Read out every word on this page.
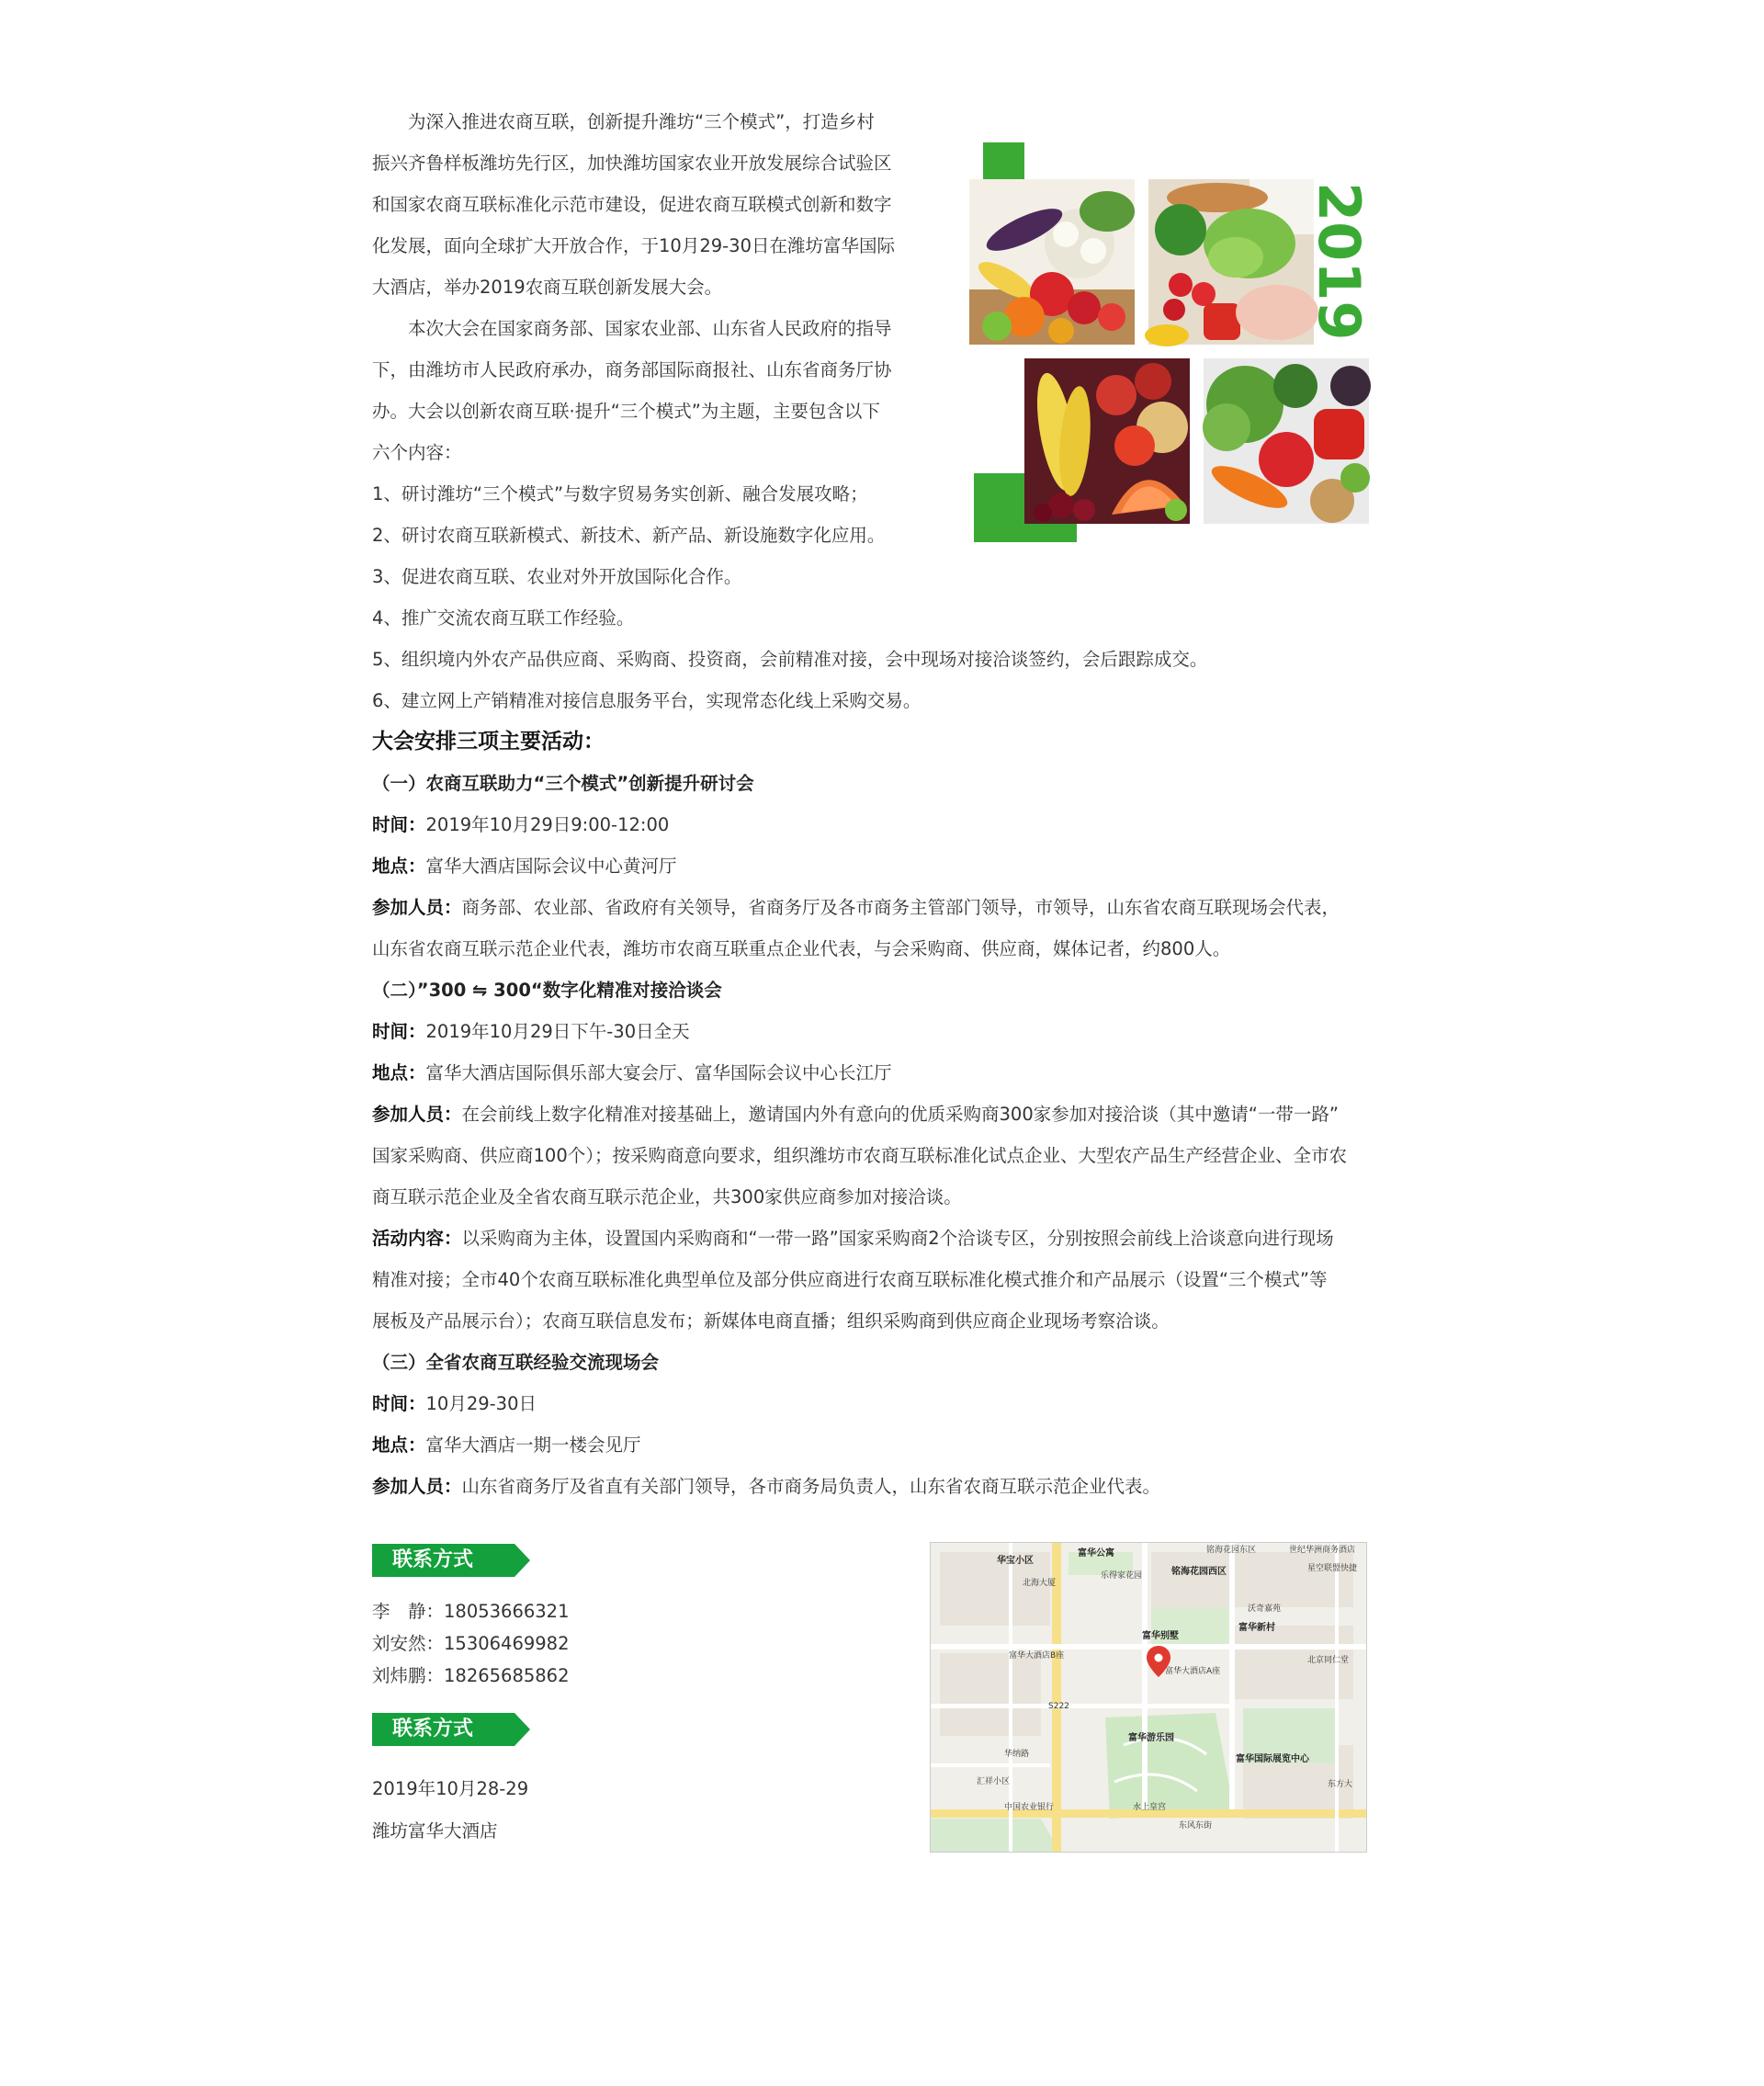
为深入推进农商互联，创新提升潍坊“三个模式”，打造乡村
振兴齐鲁样板潍坊先行区，加快潍坊国家农业开放发展综合试验区
和国家农商互联标准化示范市建设，促进农商互联模式创新和数字
化发展，面向全球扩大开放合作，于10月29-30日在潍坊富华国际
大酒店，举办2019农商互联创新发展大会。
本次大会在国家商务部、国家农业部、山东省人民政府的指导
下，由潍坊市人民政府承办，商务部国际商报社、山东省商务厅协
办。大会以创新农商互联·提升“三个模式”为主题，主要包含以下
六个内容：
1、研讨潍坊“三个模式”与数字贸易务实创新、融合发展攻略；
2、研讨农商互联新模式、新技术、新产品、新设施数字化应用。
3、促进农商互联、农业对外开放国际化合作。
4、推广交流农商互联工作经验。
5、组织境内外农产品供应商、采购商、投资商，会前精准对接，会中现场对接洽谈签约，会后跟踪成交。
6、建立网上产销精准对接信息服务平台，实现常态化线上采购交易。
大会安排三项主要活动：
（一）农商互联助力“三个模式”创新提升研讨会
时间：2019年10月29日9:00-12:00
地点：富华大酒店国际会议中心黄河厅
参加人员：商务部、农业部、省政府有关领导，省商务厅及各市商务主管部门领导，市领导，山东省农商互联现场会代表，
山东省农商互联示范企业代表，潍坊市农商互联重点企业代表，与会采购商、供应商，媒体记者，约800人。
（二）”300 ⇋ 300“数字化精准对接洽谈会
时间：2019年10月29日下午-30日全天
地点：富华大酒店国际俱乐部大宴会厅、富华国际会议中心长江厅
参加人员：在会前线上数字化精准对接基础上，邀请国内外有意向的优质采购商300家参加对接洽谈（其中邀请“一带一路”
国家采购商、供应商100个）；按采购商意向要求，组织潍坊市农商互联标准化试点企业、大型农产品生产经营企业、全市农
商互联示范企业及全省农商互联示范企业，共300家供应商参加对接洽谈。
活动内容：以采购商为主体，设置国内采购商和“一带一路”国家采购商2个洽谈专区，分别按照会前线上洽谈意向进行现场
精准对接；全市40个农商互联标准化典型单位及部分供应商进行农商互联标准化模式推介和产品展示（设置“三个模式”等
展板及产品展示台）；农商互联信息发布；新媒体电商直播；组织采购商到供应商企业现场考察洽谈。
（三）全省农商互联经验交流现场会
时间：10月29-30日
地点：富华大酒店一期一楼会见厅
参加人员：山东省商务厅及省直有关部门领导，各市商务局负责人，山东省农商互联示范企业代表。
2019
联系方式
李　静：18053666321
刘安然：15306469982
刘炜鹏：18265685862
联系方式
2019年10月28-29
潍坊富华大酒店
华宝小区
富华公寓	铭海花园东区	世纪华洲商务酒店
北海大厦
乐得家花园	铭海花园西区	星空联盟快捷
沃奇嘉苑
富华别墅
富华新村
富华大酒店B座
富华大酒店A座
富华游乐园
富华国际展览中心
中国农业银行	水上皇宫
东风东街
汇祥小区
华纳路
北京同仁堂
东方大
S222
